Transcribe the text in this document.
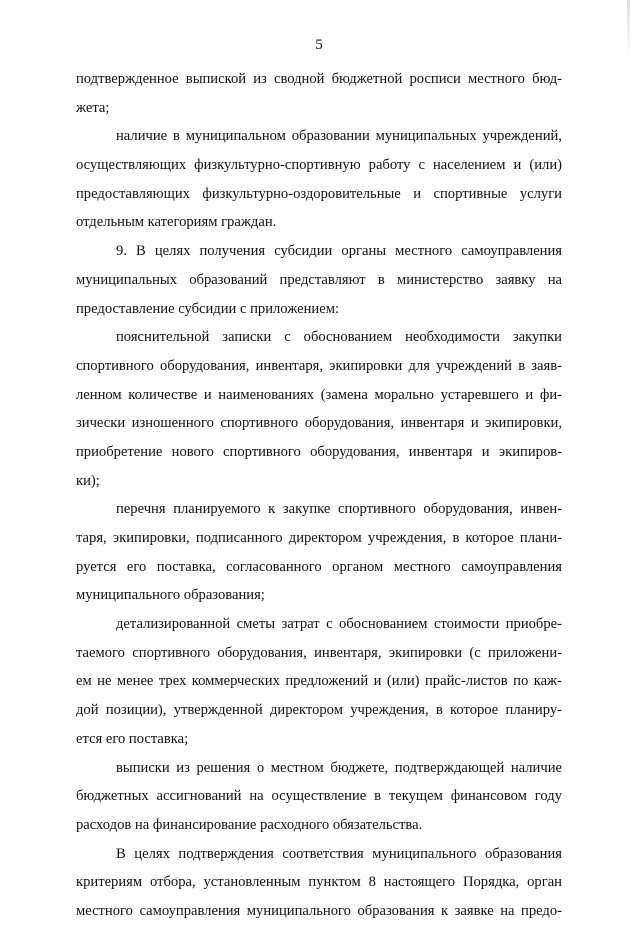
5
подтвержденное выпиской из сводной бюджетной росписи местного бюд-
жета;
наличие в муниципальном образовании муниципальных учреждений,
осуществляющих физкультурно-спортивную работу с населением и (или)
предоставляющих физкультурно-оздоровительные и спортивные услуги
отдельным категориям граждан.
9. В целях получения субсидии органы местного самоуправления
муниципальных образований представляют в министерство заявку на
предоставление субсидии с приложением:
пояснительной записки с обоснованием необходимости закупки
спортивного оборудования, инвентаря, экипировки для учреждений в заяв-
ленном количестве и наименованиях (замена морально устаревшего и фи-
зически изношенного спортивного оборудования, инвентаря и экипировки,
приобретение нового спортивного оборудования, инвентаря и экипиров-
ки);
перечня планируемого к закупке спортивного оборудования, инвен-
таря, экипировки, подписанного директором учреждения, в которое плани-
руется его поставка, согласованного органом местного самоуправления
муниципального образования;
детализированной сметы затрат с обоснованием стоимости приобре-
таемого спортивного оборудования, инвентаря, экипировки (с приложени-
ем не менее трех коммерческих предложений и (или) прайс-листов по каж-
дой позиции), утвержденной директором учреждения, в которое планиру-
ется его поставка;
выписки из решения о местном бюджете, подтверждающей наличие
бюджетных ассигнований на осуществление в текущем финансовом году
расходов на финансирование расходного обязательства.
В целях подтверждения соответствия муниципального образования
критериям отбора, установленным пунктом 8 настоящего Порядка, орган
местного самоуправления муниципального образования к заявке на предо-
